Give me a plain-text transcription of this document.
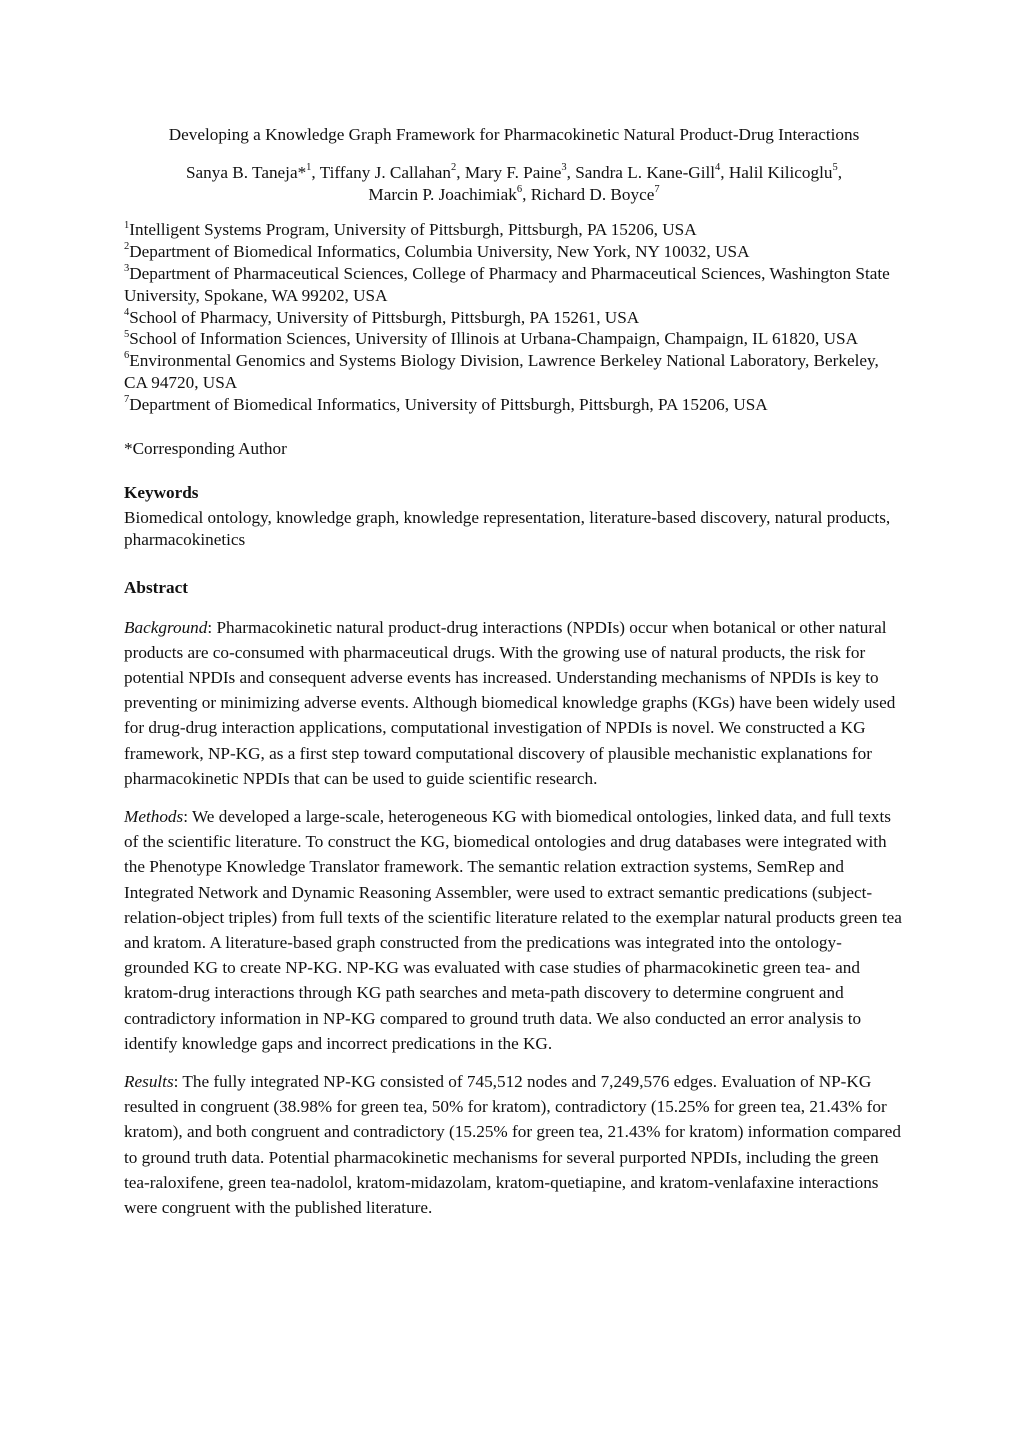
Developing a Knowledge Graph Framework for Pharmacokinetic Natural Product-Drug Interactions

Sanya B. Taneja*$^1$, Tiffany J. Callahan$^2$, Mary F. Paine$^3$, Sandra L. Kane-Gill$^4$, Halil Kilicoglu$^5$,
Marcin P. Joachimiak$^6$, Richard D. Boyce$^7$

$^1$Intelligent Systems Program, University of Pittsburgh, Pittsburgh, PA 15206, USA

$^2$Department of Biomedical Informatics, Columbia University, New York, NY 10032, USA

$^3$Department of Pharmaceutical Sciences, College of Pharmacy and Pharmaceutical Sciences, Washington State University, Spokane, WA 99202, USA

$^4$School of Pharmacy, University of Pittsburgh, Pittsburgh, PA 15261, USA

$^5$School of Information Sciences, University of Illinois at Urbana-Champaign, Champaign, IL 61820, USA

$^6$Environmental Genomics and Systems Biology Division, Lawrence Berkeley National Laboratory, Berkeley, CA 94720, USA

$^7$Department of Biomedical Informatics, University of Pittsburgh, Pittsburgh, PA 15206, USA

*Corresponding Author

Keywords

Biomedical ontology, knowledge graph, knowledge representation, literature-based discovery, natural products, pharmacokinetics

Abstract

Background: Pharmacokinetic natural product-drug interactions (NPDIs) occur when botanical or other natural products are co-consumed with pharmaceutical drugs. With the growing use of natural products, the risk for potential NPDIs and consequent adverse events has increased. Understanding mechanisms of NPDIs is key to preventing or minimizing adverse events. Although biomedical knowledge graphs (KGs) have been widely used for drug-drug interaction applications, computational investigation of NPDIs is novel. We constructed a KG framework, NP-KG, as a first step toward computational discovery of plausible mechanistic explanations for pharmacokinetic NPDIs that can be used to guide scientific research.

Methods: We developed a large-scale, heterogeneous KG with biomedical ontologies, linked data, and full texts of the scientific literature. To construct the KG, biomedical ontologies and drug databases were integrated with the Phenotype Knowledge Translator framework. The semantic relation extraction systems, SemRep and Integrated Network and Dynamic Reasoning Assembler, were used to extract semantic predications (subject-relation-object triples) from full texts of the scientific literature related to the exemplar natural products green tea and kratom. A literature-based graph constructed from the predications was integrated into the ontology-grounded KG to create NP-KG. NP-KG was evaluated with case studies of pharmacokinetic green tea- and kratom-drug interactions through KG path searches and meta-path discovery to determine congruent and contradictory information in NP-KG compared to ground truth data. We also conducted an error analysis to identify knowledge gaps and incorrect predications in the KG.

Results: The fully integrated NP-KG consisted of 745,512 nodes and 7,249,576 edges. Evaluation of NP-KG resulted in congruent (38.98% for green tea, 50% for kratom), contradictory (15.25% for green tea, 21.43% for kratom), and both congruent and contradictory (15.25% for green tea, 21.43% for kratom) information compared to ground truth data. Potential pharmacokinetic mechanisms for several purported NPDIs, including the green tea-raloxifene, green tea-nadolol, kratom-midazolam, kratom-quetiapine, and kratom-venlafaxine interactions were congruent with the published literature.
